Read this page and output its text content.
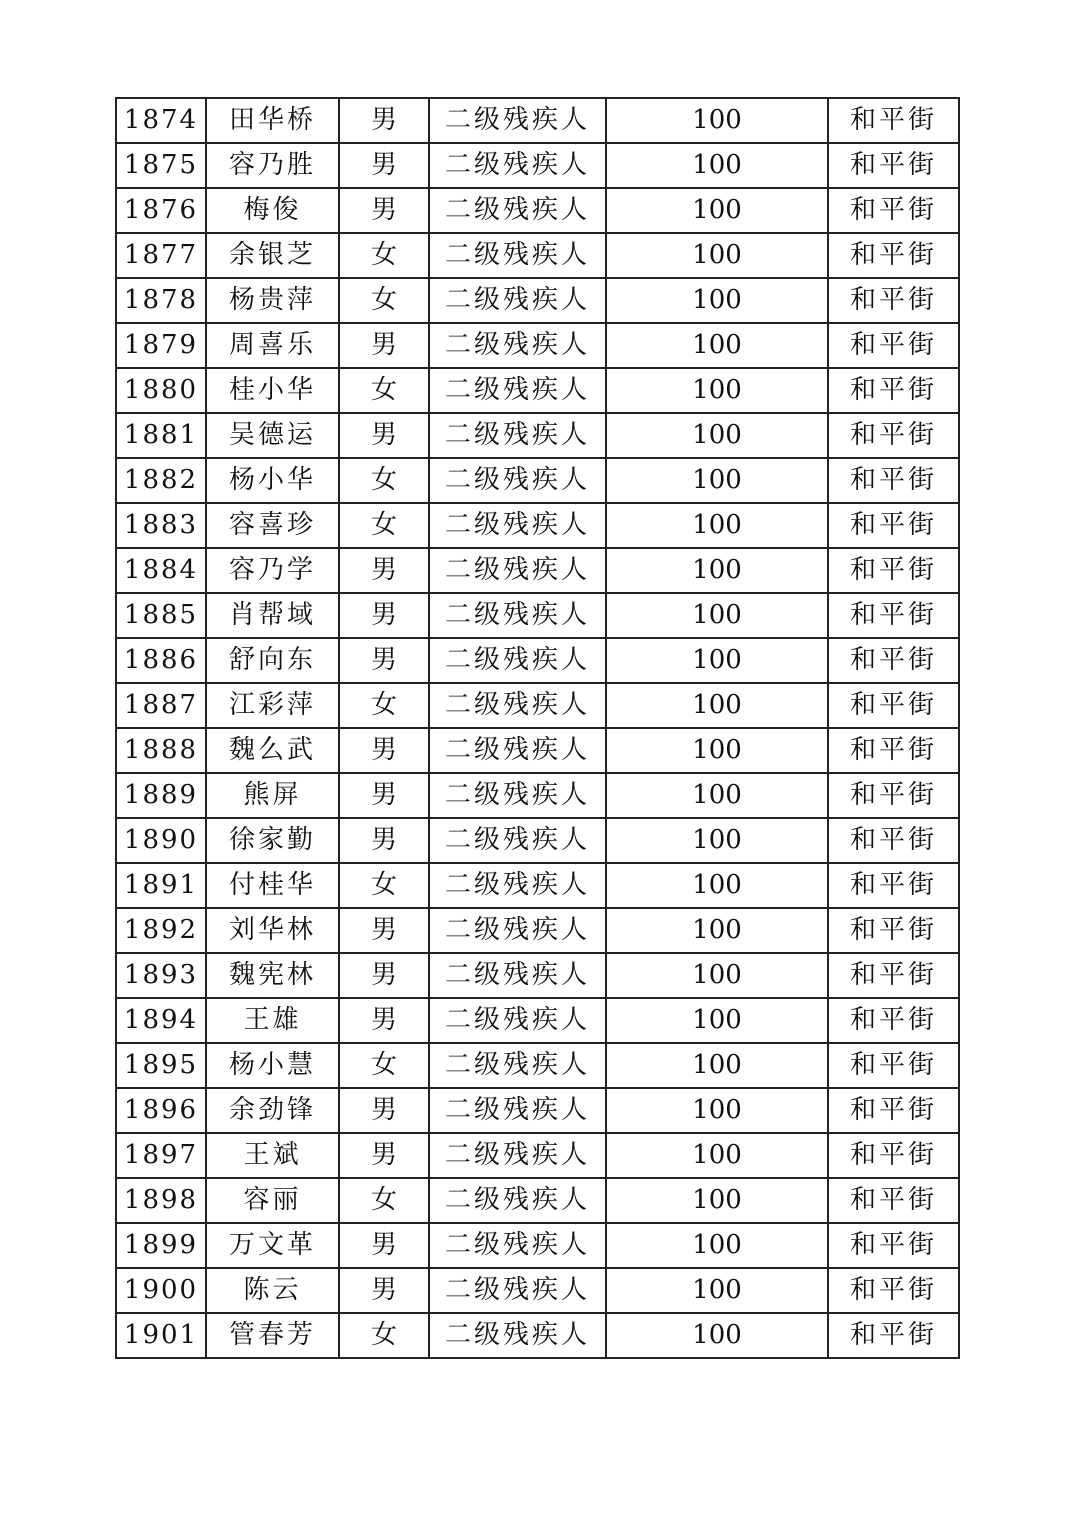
1874	田华桥	男	二级残疾人	100	和平街
1875	容乃胜	男	二级残疾人	100	和平街
1876	梅俊	男	二级残疾人	100	和平街
1877	余银芝	女	二级残疾人	100	和平街
1878	杨贵萍	女	二级残疾人	100	和平街
1879	周喜乐	男	二级残疾人	100	和平街
1880	桂小华	女	二级残疾人	100	和平街
1881	吴德运	男	二级残疾人	100	和平街
1882	杨小华	女	二级残疾人	100	和平街
1883	容喜珍	女	二级残疾人	100	和平街
1884	容乃学	男	二级残疾人	100	和平街
1885	肖帮域	男	二级残疾人	100	和平街
1886	舒向东	男	二级残疾人	100	和平街
1887	江彩萍	女	二级残疾人	100	和平街
1888	魏么武	男	二级残疾人	100	和平街
1889	熊屏	男	二级残疾人	100	和平街
1890	徐家勤	男	二级残疾人	100	和平街
1891	付桂华	女	二级残疾人	100	和平街
1892	刘华林	男	二级残疾人	100	和平街
1893	魏宪林	男	二级残疾人	100	和平街
1894	王雄	男	二级残疾人	100	和平街
1895	杨小慧	女	二级残疾人	100	和平街
1896	余劲锋	男	二级残疾人	100	和平街
1897	王斌	男	二级残疾人	100	和平街
1898	容丽	女	二级残疾人	100	和平街
1899	万文革	男	二级残疾人	100	和平街
1900	陈云	男	二级残疾人	100	和平街
1901	管春芳	女	二级残疾人	100	和平街
